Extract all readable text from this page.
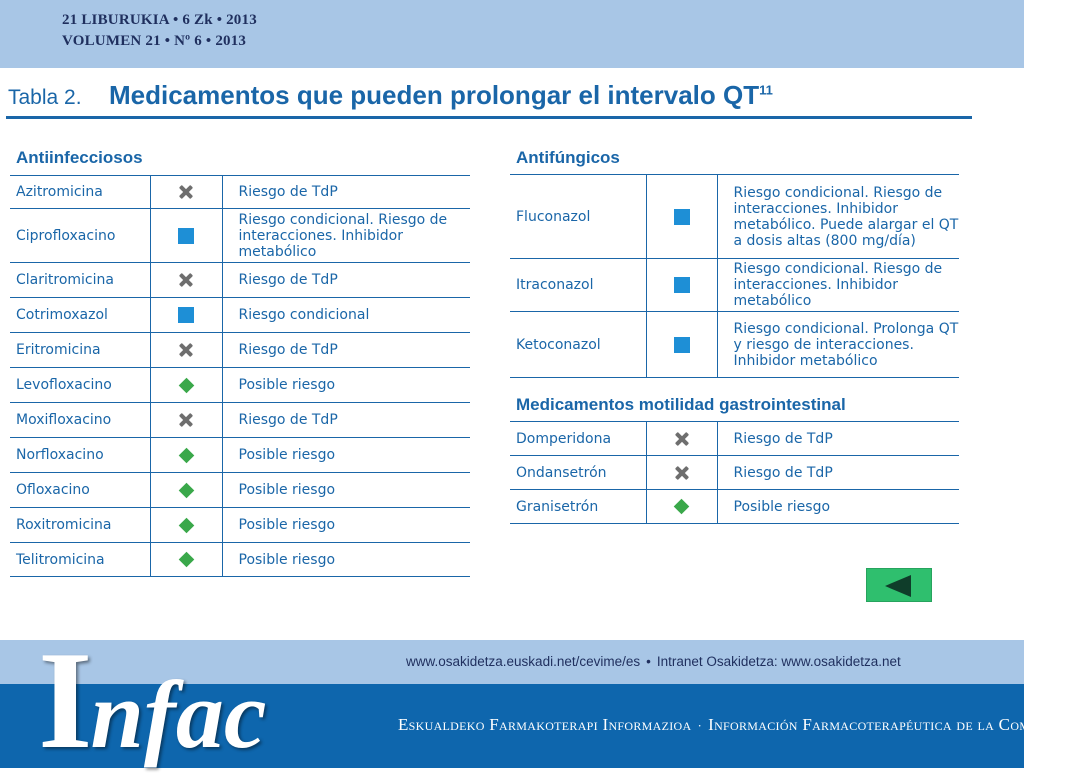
21 LIBURUKIA • 6 Zk • 2013
VOLUMEN 21 • Nº 6 • 2013
Tabla 2. Medicamentos que pueden prolongar el intervalo QT$^{11}$
Antiinfecciosos	Antifúngicos
Medicamentos motilidad gastrointestinal
Azitromicina		Riesgo de TdP
Ciprofloxacino		Riesgo condicional. Riesgo de interacciones. Inhibidor metabólico
Claritromicina		Riesgo de TdP
Cotrimoxazol		Riesgo condicional
Eritromicina		Riesgo de TdP
Levofloxacino		Posible riesgo
Moxifloxacino		Riesgo de TdP
Norfloxacino		Posible riesgo
Ofloxacino		Posible riesgo
Roxitromicina		Posible riesgo
Telitromicina		Posible riesgo
Fluconazol		Riesgo condicional. Riesgo de interacciones. Inhibidor metabólico. Puede alargar el QT a dosis altas (800 mg/día)
Itraconazol		Riesgo condicional. Riesgo de interacciones. Inhibidor metabólico
Ketoconazol		Riesgo condicional. Prolonga QT y riesgo de interacciones. Inhibidor metabólico
Domperidona		Riesgo de TdP
Ondansetrón		Riesgo de TdP
Granisetrón		Posible riesgo
www.osakidetza.euskadi.net/cevime/es • Intranet Osakidetza: www.osakidetza.net
Infac	Eskualdeko Farmakoterapi Informazioa · Información Farmacoterapéutica de la Comarca
